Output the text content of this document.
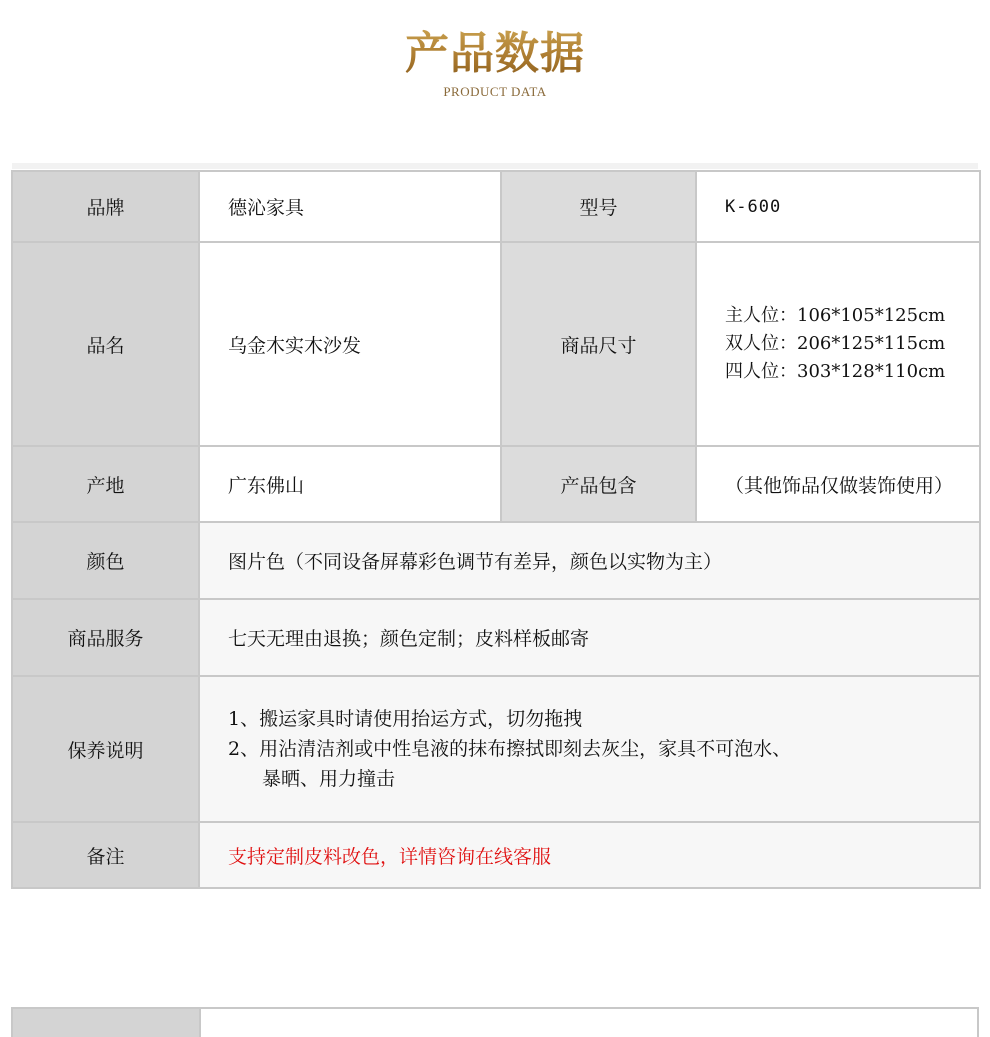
产品数据
PRODUCT DATA
品牌	德沁家具	型号	K-600
品名	乌金木实木沙发	商品尺寸	主人位：106*105*125cm
双人位：206*125*115cm
四人位：303*128*110cm

产地	广东佛山	产品包含	（其他饰品仅做装饰使用）
颜色	图片色（不同设备屏幕彩色调节有差异，颜色以实物为主）		
商品服务	七天无理由退换；颜色定制；皮料样板邮寄		
保养说明	1、搬运家具时请使用抬运方式，切勿拖拽
2、用沾清洁剂或中性皂液的抹布擦拭即刻去灰尘，家具不可泡水、
暴晒、用力撞击		

备注	支持定制皮料改色，详情咨询在线客服		
